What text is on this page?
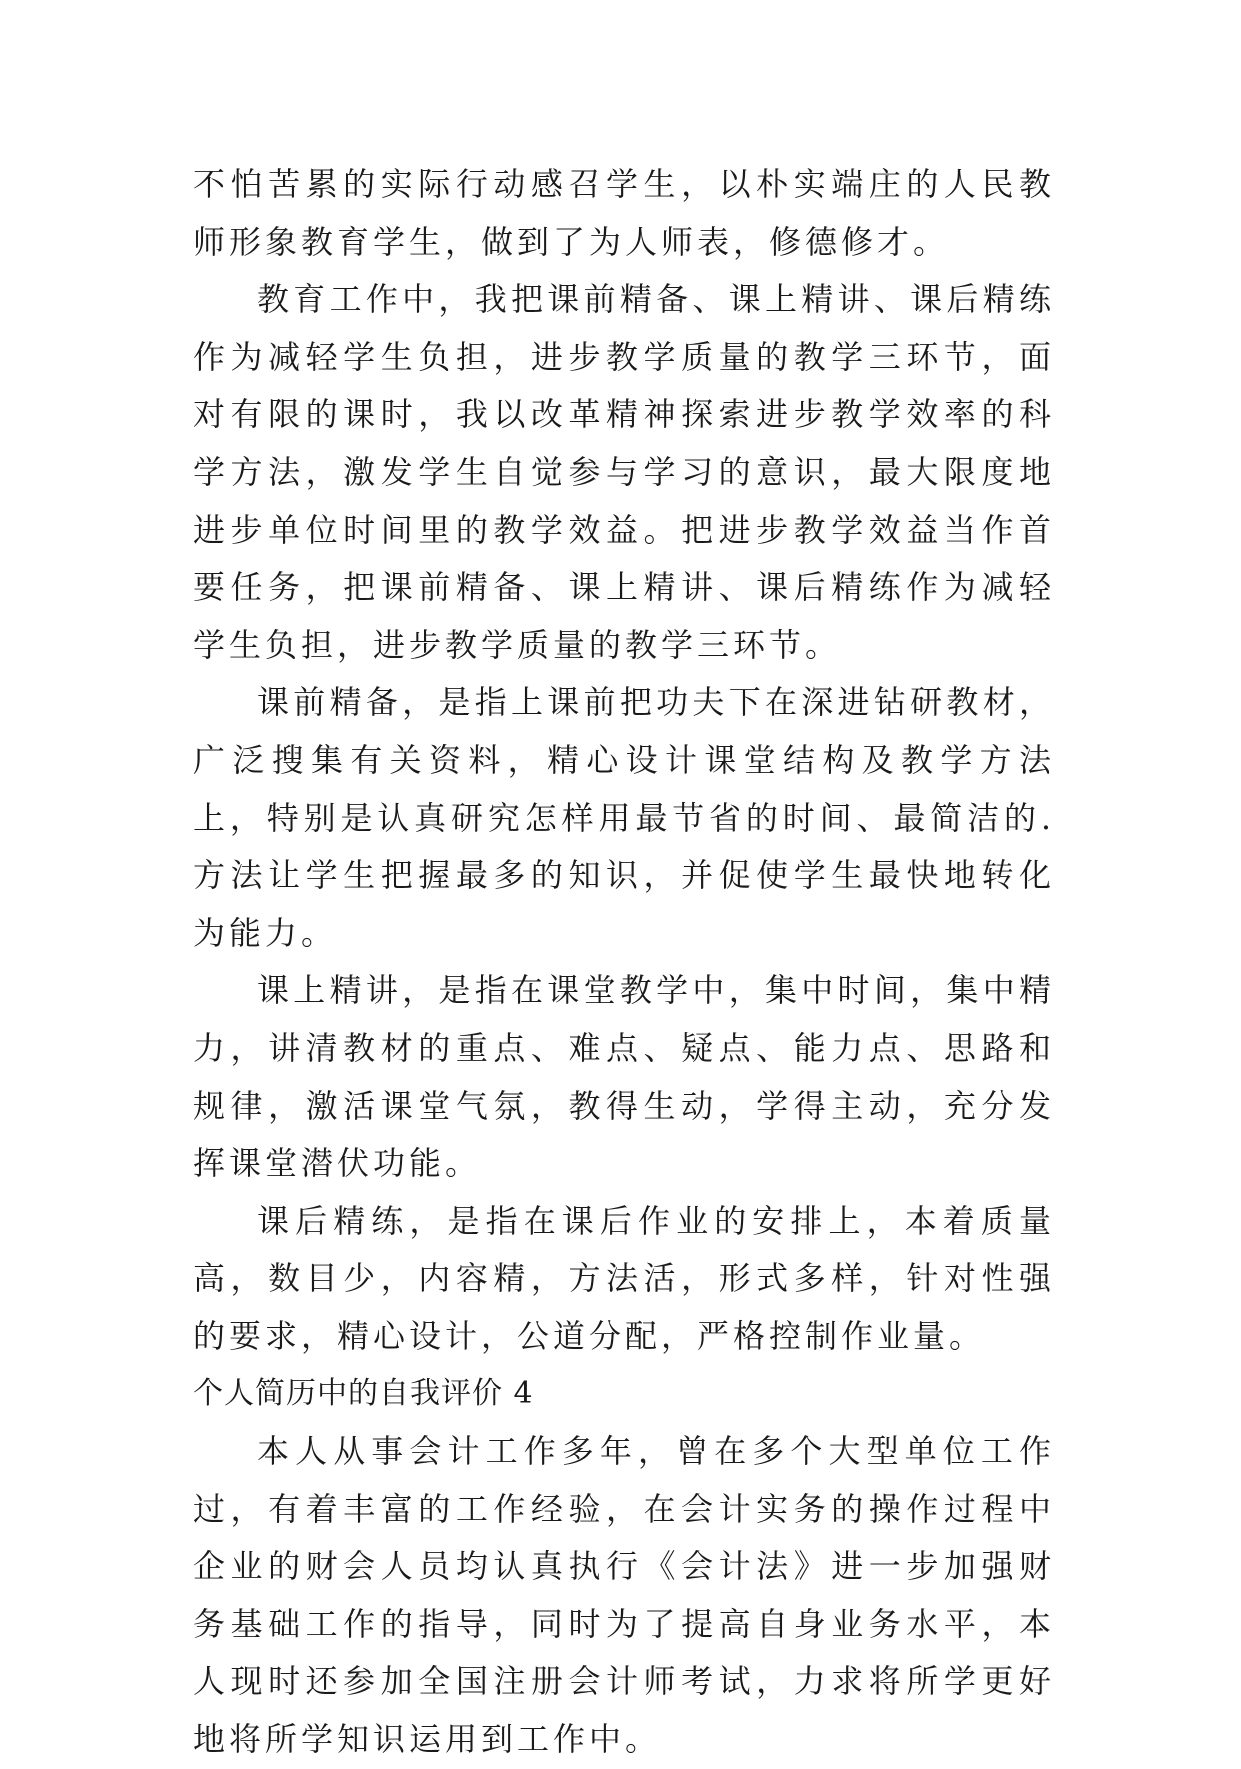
不怕苦累的实际行动感召学生，以朴实端庄的人民教师形象教育学生，做到了为人师表，修德修才。

教育工作中，我把课前精备、课上精讲、课后精练作为减轻学生负担，进步教学质量的教学三环节，面对有限的课时，我以改革精神探索进步教学效率的科学方法，激发学生自觉参与学习的意识，最大限度地进步单位时间里的教学效益。把进步教学效益当作首要任务，把课前精备、课上精讲、课后精练作为减轻学生负担，进步教学质量的教学三环节。

课前精备，是指上课前把功夫下在深进钻研教材，广泛搜集有关资料，精心设计课堂结构及教学方法上，特别是认真研究怎样用最节省的时间、最简洁的.方法让学生把握最多的知识，并促使学生最快地转化为能力。

课上精讲，是指在课堂教学中，集中时间，集中精力，讲清教材的重点、难点、疑点、能力点、思路和规律，激活课堂气氛，教得生动，学得主动，充分发挥课堂潜伏功能。

课后精练，是指在课后作业的安排上，本着质量高，数目少，内容精，方法活，形式多样，针对性强的要求，精心设计，公道分配，严格控制作业量。

个人简历中的自我评价 4

本人从事会计工作多年，曾在多个大型单位工作过，有着丰富的工作经验，在会计实务的操作过程中企业的财会人员均认真执行《会计法》进一步加强财务基础工作的指导，同时为了提高自身业务水平，本人现时还参加全国注册会计师考试，力求将所学更好地将所学知识运用到工作中。
